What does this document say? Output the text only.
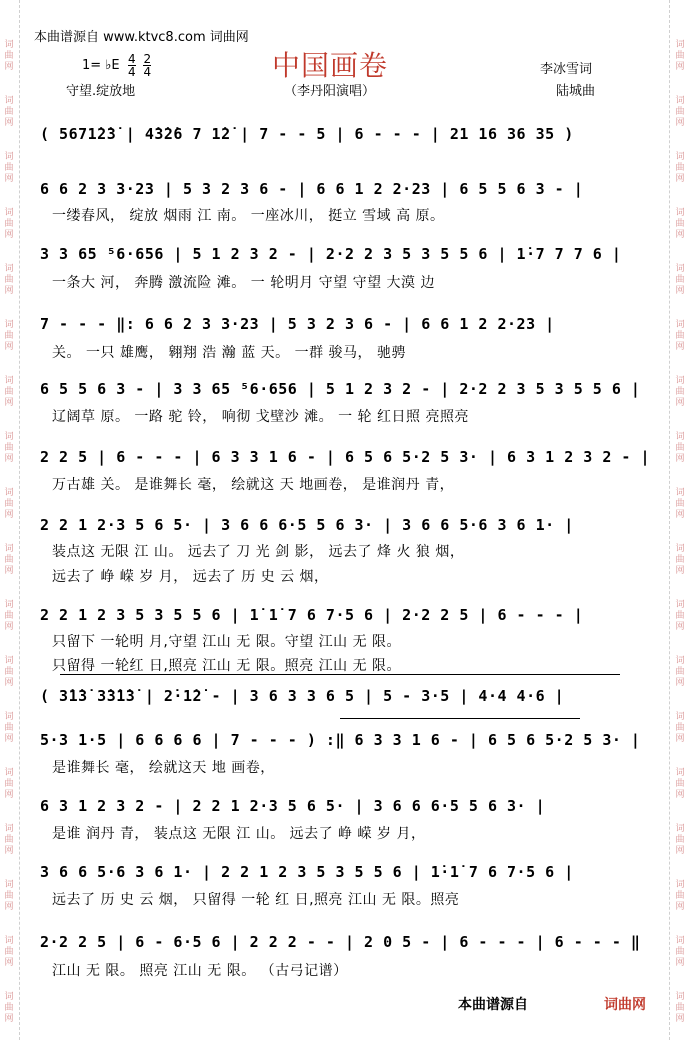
词
曲
网
词
曲
网
词
曲
网
词
曲
网
词
曲
网
词
曲
网
词
曲
网
词
曲
网
词
曲
网
词
曲
网
词
曲
网
词
曲
网
词
曲
网
词
曲
网
词
曲
网
词
曲
网
词
曲
网
词
曲
网
词
曲
网
词
曲
网
词
曲
网
词
曲
网
词
曲
网
词
曲
网
词
曲
网
词
曲
网
词
曲
网
词
曲
网
词
曲
网
词
曲
网
词
曲
网
词
曲
网
词
曲
网
词
曲
网
词
曲
网
词
曲
网
本曲谱源自 www.ktvc8.com 词曲网
中国画卷
1= ♭E $\frac{4}{4}$
$\frac{2}{4}$
守望.绽放地	（李丹阳演唱）
李冰雪词
陆城曲
( 5671̇2̇3̇ | 4̇3̇2̇6 7 1̇2̇ | 7 - - 5 | 6 - - - | 21 16 36 35 )
6 6 2 3 3·23 | 5 3 2 3 6 - | 6 6 1 2 2·23 | 6 5 5 6 3 - |
一缕春风， 绽放 烟雨 江 南。 一座冰川， 挺立 雪域 高 原。
3 3 65 ⁵6·656 | 5 1 2 3 2 - | 2·2 2 3 5 3 5 5 6 | 1̇·7 7 7 6 |
一条大 河， 奔腾 激流险 滩。 一 轮明月 守望 守望 大漠 边
7 - - - ‖: 6 6 2 3 3·23 | 5 3 2 3 6 - | 6 6 1 2 2·23 |
关。 一只 雄鹰， 翱翔 浩 瀚 蓝 天。 一群 骏马， 驰骋
6 5 5 6 3 - | 3 3 65 ⁵6·656 | 5 1 2 3 2 - | 2·2 2 3 5 3 5 5 6 |
辽阔草 原。 一路 驼 铃， 响彻 戈壁沙 滩。 一 轮 红日照 亮照亮
2 2 5 | 6 - - - | 6 3 3 1 6 - | 6 5 6 5·2 5 3· | 6 3 1 2 3 2 - |
万古雄 关。 是谁舞长 毫， 绘就这 天 地画卷， 是谁润丹 青，
2 2 1 2·3 5 6 5· | 3 6 6 6·5 5 6 3· | 3 6 6 5·6 3 6 1· |
装点这 无限 江 山。 远去了 刀 光 剑 影， 远去了 烽 火 狼 烟，
远去了 峥 嵘 岁 月， 远去了 历 史 云 烟，
2 2 1 2 3 5 3 5 5 6 | 1̇ 1̇ 7 6 7·5 6 | 2·2 2 5 | 6 - - - |
只留下 一轮明 月,守望 江山 无 限。守望 江山 无 限。
只留得 一轮红 日,照亮 江山 无 限。照亮 江山 无 限。
( 3̇1̇3̇ 3̇3̇1̇3̇ | 2̇·1̇2̇ - | 3 6 3 3 6 5 | 5 - 3·5 | 4·4 4·6 |
5·3 1·5 | 6 6 6 6 | 7 - - - ) :‖ 6 3 3 1 6 - | 6 5 6 5·2 5 3· |
是谁舞长 毫， 绘就这天 地 画卷，
6 3 1 2 3 2 - | 2 2 1 2·3 5 6 5· | 3 6 6 6·5 5 6 3· |
是谁 润丹 青， 装点这 无限 江 山。 远去了 峥 嵘 岁 月，
3 6 6 5·6 3 6 1· | 2 2 1 2 3 5 3 5 5 6 | 1̇·1̇ 7 6 7·5 6 |
远去了 历 史 云 烟， 只留得 一轮 红 日,照亮 江山 无 限。照亮
2·2 2 5 | 6 - 6·5 6 | 2 2 2 - - | 2 0 5 - | 6 - - - | 6 - - - ‖
江山 无 限。 照亮 江山 无 限。 （古弓记谱）
本曲谱源自	词曲网
